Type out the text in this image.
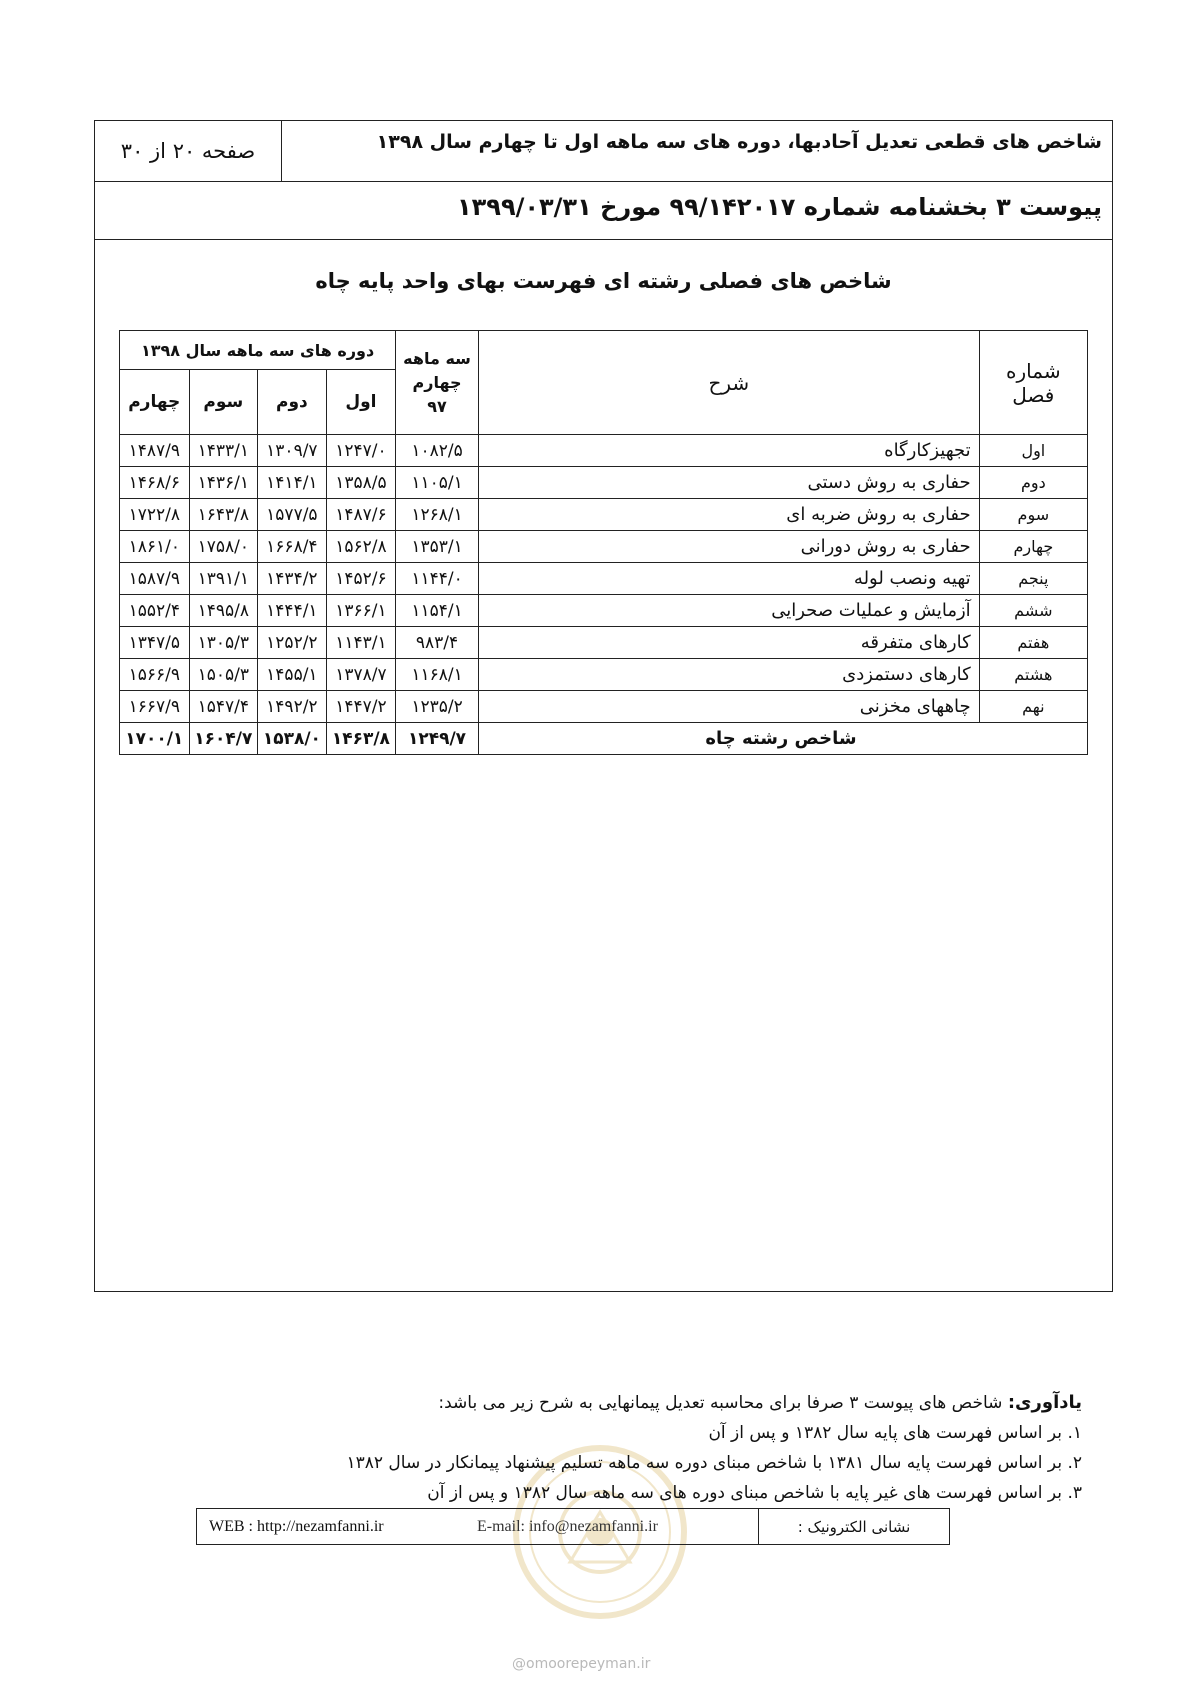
صفحه ۲۰ از ۳۰	شاخص های قطعی تعدیل آحادبها، دوره های سه ماهه اول تا چهارم سال ۱۳۹۸
پیوست ۳ بخشنامه شماره ۹۹/۱۴۲۰۱۷ مورخ ۱۳۹۹/۰۳/۳۱
شاخص های فصلی رشته ای فهرست بهای واحد پایه چاه
شماره فصل	شرح	سه ماهه چهارم ۹۷	دوره های سه ماهه سال ۱۳۹۸			
			اول	دوم	سوم	چهارم
اول	تجهیزکارگاه	۱۰۸۲/۵	۱۲۴۷/۰	۱۳۰۹/۷	۱۴۳۳/۱	۱۴۸۷/۹
دوم	حفاری به روش دستی	۱۱۰۵/۱	۱۳۵۸/۵	۱۴۱۴/۱	۱۴۳۶/۱	۱۴۶۸/۶
سوم	حفاری به روش ضربه ای	۱۲۶۸/۱	۱۴۸۷/۶	۱۵۷۷/۵	۱۶۴۳/۸	۱۷۲۲/۸
چهارم	حفاری به روش دورانی	۱۳۵۳/۱	۱۵۶۲/۸	۱۶۶۸/۴	۱۷۵۸/۰	۱۸۶۱/۰
پنجم	تهیه ونصب لوله	۱۱۴۴/۰	۱۴۵۲/۶	۱۴۳۴/۲	۱۳۹۱/۱	۱۵۸۷/۹
ششم	آزمایش و عملیات صحرایی	۱۱۵۴/۱	۱۳۶۶/۱	۱۴۴۴/۱	۱۴۹۵/۸	۱۵۵۲/۴
هفتم	کارهای متفرقه	۹۸۳/۴	۱۱۴۳/۱	۱۲۵۲/۲	۱۳۰۵/۳	۱۳۴۷/۵
هشتم	کارهای دستمزدی	۱۱۶۸/۱	۱۳۷۸/۷	۱۴۵۵/۱	۱۵۰۵/۳	۱۵۶۶/۹
نهم	چاههای مخزنی	۱۲۳۵/۲	۱۴۴۷/۲	۱۴۹۲/۲	۱۵۴۷/۴	۱۶۶۷/۹
شاخص رشته چاه		۱۲۴۹/۷	۱۴۶۳/۸	۱۵۳۸/۰	۱۶۰۴/۷	۱۷۰۰/۱
یادآوری: شاخص های پیوست ۳ صرفا برای محاسبه تعدیل پیمانهایی به شرح زیر می باشد:
۱. بر اساس فهرست های پایه سال ۱۳۸۲ و پس از آن
۲. بر اساس فهرست پایه سال ۱۳۸۱ با شاخص مبنای دوره سه ماهه تسلیم پیشنهاد پیمانکار در سال ۱۳۸۲
۳. بر اساس فهرست های غیر پایه با شاخص مبنای دوره های سه ماهه سال ۱۳۸۲ و پس از آن
نشانی الکترونیک :
WEB : http://nezamfanni.ir	E-mail: info@nezamfanni.ir
@omoorepeyman.ir
